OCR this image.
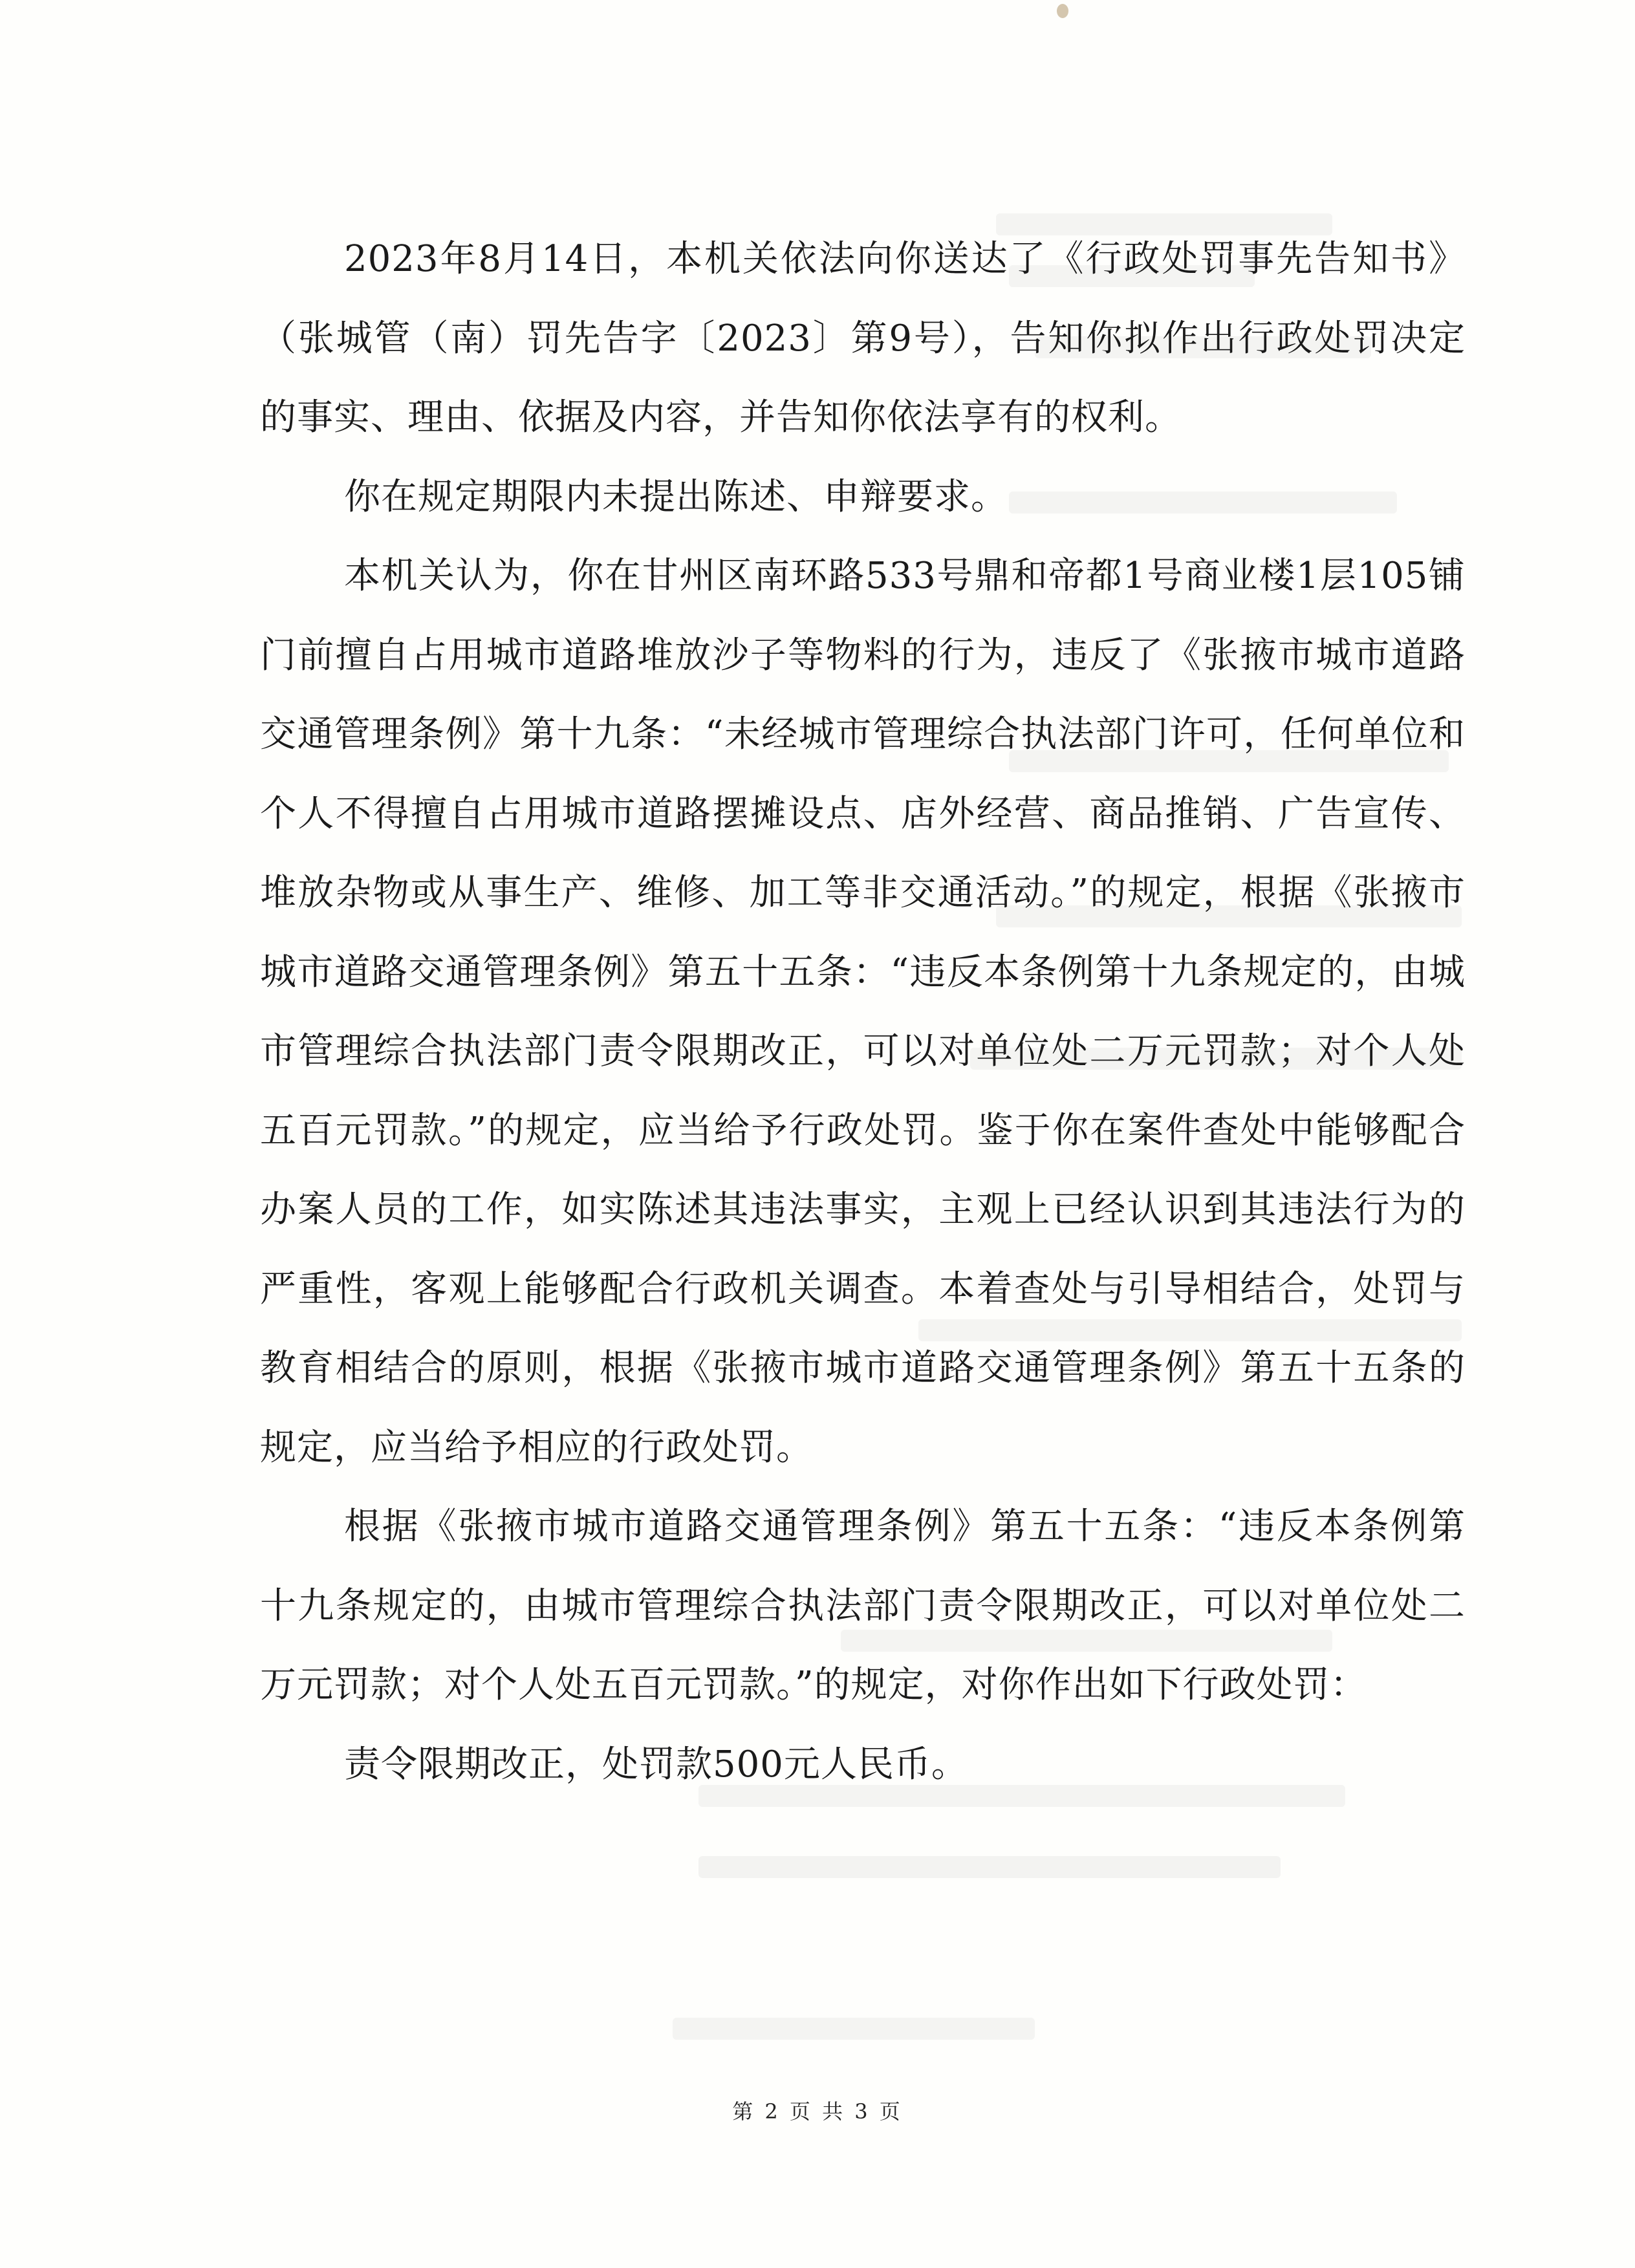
2023年8月14日，本机关依法向你送达了《行政处罚事先告知书》（张城管（南）罚先告字〔2023〕第9号），告知你拟作出行政处罚决定的事实、理由、依据及内容，并告知你依法享有的权利。

你在规定期限内未提出陈述、申辩要求。

本机关认为，你在甘州区南环路533号鼎和帝都1号商业楼1层105铺门前擅自占用城市道路堆放沙子等物料的行为，违反了《张掖市城市道路交通管理条例》第十九条：“未经城市管理综合执法部门许可，任何单位和个人不得擅自占用城市道路摆摊设点、店外经营、商品推销、广告宣传、堆放杂物或从事生产、维修、加工等非交通活动。”的规定，根据《张掖市城市道路交通管理条例》第五十五条：“违反本条例第十九条规定的，由城市管理综合执法部门责令限期改正，可以对单位处二万元罚款；对个人处五百元罚款。”的规定，应当给予行政处罚。鉴于你在案件查处中能够配合办案人员的工作，如实陈述其违法事实，主观上已经认识到其违法行为的严重性，客观上能够配合行政机关调查。本着查处与引导相结合，处罚与教育相结合的原则，根据《张掖市城市道路交通管理条例》第五十五条的规定，应当给予相应的行政处罚。

根据《张掖市城市道路交通管理条例》第五十五条：“违反本条例第十九条规定的，由城市管理综合执法部门责令限期改正，可以对单位处二万元罚款；对个人处五百元罚款。”的规定，对你作出如下行政处罚：

责令限期改正，处罚款500元人民币。

第 2 页 共 3 页
